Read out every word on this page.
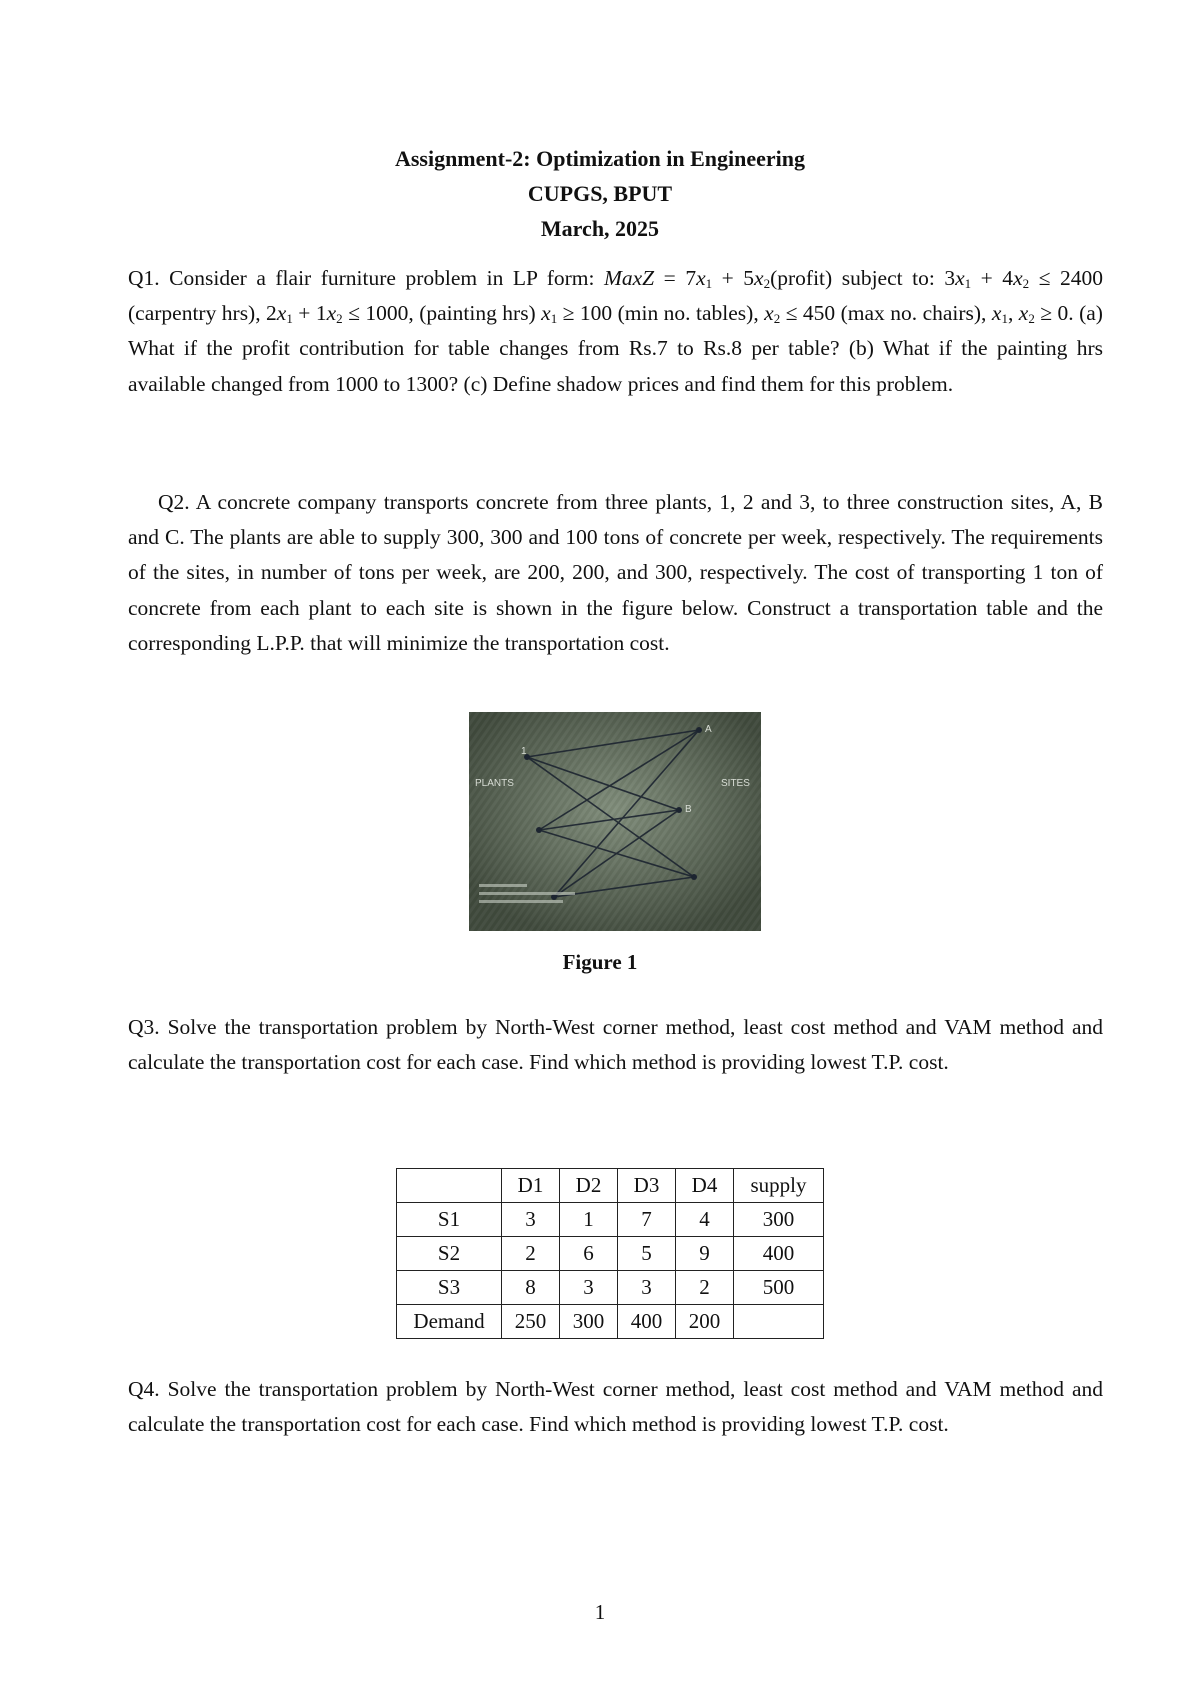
Assignment-2: Optimization in Engineering
CUPGS, BPUT
March, 2025

Q1. Consider a flair furniture problem in LP form: MaxZ = $7x_1$ + $5x_2(profit)$ subject to: $3x_1 + 4x_2 \le 2400$ (carpentry hrs), $2x_1 + 1x_2 \le 1000$, (painting hrs) $x_1 \ge 100$ (min no. tables), $x_2 \le 450$ (max no. chairs), $x_1$, $x_2 \ge 0$. (a) What if the profit contribution for table changes from Rs.7 to Rs.8 per table? (b) What if the painting hrs available changed from 1000 to 1300? (c) Define shadow prices and find them for this problem.

Q2. A concrete company transports concrete from three plants, 1, 2 and 3, to three construction sites, A, B and C. The plants are able to supply 300, 300 and 100 tons of concrete per week, respectively. The requirements of the sites, in number of tons per week, are 200, 200, and 300, respectively. The cost of transporting 1 ton of concrete from each plant to each site is shown in the figure below. Construct a transportation table and the corresponding L.P.P. that will minimize the transportation cost.

1
PLANTS	SITES
A
B
Figure 1

Q3. Solve the transportation problem by North-West corner method, least cost method and VAM method and calculate the transportation cost for each case. Find which method is providing lowest T.P. cost.

	D1	D2	D3	D4	supply
S1	3	1	7	4	300
S2	2	6	5	9	400
S3	8	3	3	2	500
Demand	250	300	400	200	

Q4. Solve the transportation problem by North-West corner method, least cost method and VAM method and calculate the transportation cost for each case. Find which method is providing lowest T.P. cost.

1
